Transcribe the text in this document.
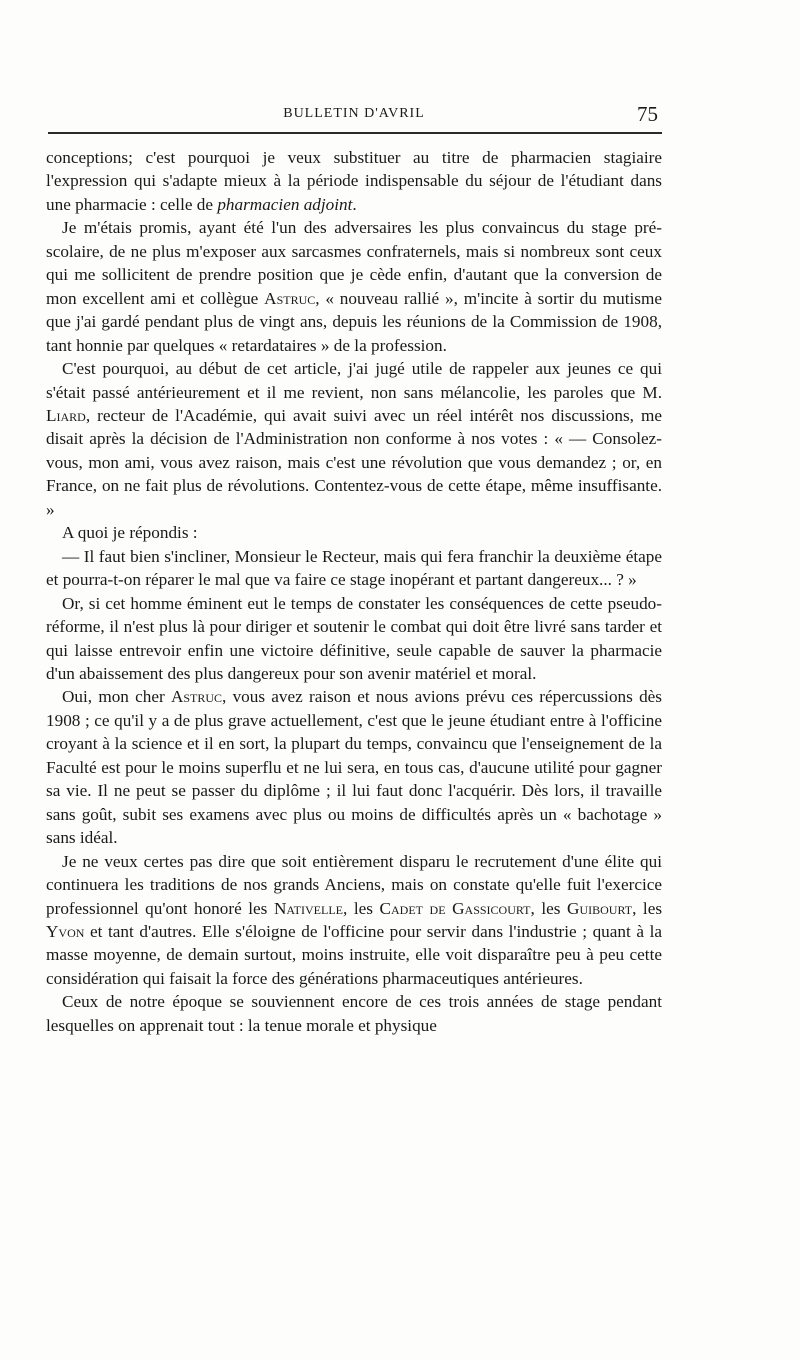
BULLETIN D'AVRIL	75

conceptions; c'est pourquoi je veux substituer au titre de pharmacien stagiaire l'expression qui s'adapte mieux à la période indispensable du séjour de l'étudiant dans une pharmacie : celle de pharmacien adjoint.

Je m'étais promis, ayant été l'un des adversaires les plus convaincus du stage pré-scolaire, de ne plus m'exposer aux sarcasmes confraternels, mais si nombreux sont ceux qui me sollicitent de prendre position que je cède enfin, d'autant que la conversion de mon excellent ami et collègue Astruc, « nouveau rallié », m'incite à sortir du mutisme que j'ai gardé pendant plus de vingt ans, depuis les réunions de la Commission de 1908, tant honnie par quelques « retardataires » de la profession.

C'est pourquoi, au début de cet article, j'ai jugé utile de rappeler aux jeunes ce qui s'était passé antérieurement et il me revient, non sans mélancolie, les paroles que M. Liard, recteur de l'Académie, qui avait suivi avec un réel intérêt nos discussions, me disait après la décision de l'Administration non conforme à nos votes : « — Consolez-vous, mon ami, vous avez raison, mais c'est une révolution que vous demandez ; or, en France, on ne fait plus de révolutions. Contentez-vous de cette étape, même insuffisante. »

A quoi je répondis :

— Il faut bien s'incliner, Monsieur le Recteur, mais qui fera franchir la deuxième étape et pourra-t-on réparer le mal que va faire ce stage inopérant et partant dangereux... ? »

Or, si cet homme éminent eut le temps de constater les conséquences de cette pseudo-réforme, il n'est plus là pour diriger et soutenir le combat qui doit être livré sans tarder et qui laisse entrevoir enfin une victoire définitive, seule capable de sauver la pharmacie d'un abaissement des plus dangereux pour son avenir matériel et moral.

Oui, mon cher Astruc, vous avez raison et nous avions prévu ces répercussions dès 1908 ; ce qu'il y a de plus grave actuellement, c'est que le jeune étudiant entre à l'officine croyant à la science et il en sort, la plupart du temps, convaincu que l'enseignement de la Faculté est pour le moins superflu et ne lui sera, en tous cas, d'aucune utilité pour gagner sa vie. Il ne peut se passer du diplôme ; il lui faut donc l'acquérir. Dès lors, il travaille sans goût, subit ses examens avec plus ou moins de difficultés après un « bachotage » sans idéal.

Je ne veux certes pas dire que soit entièrement disparu le recrutement d'une élite qui continuera les traditions de nos grands Anciens, mais on constate qu'elle fuit l'exercice professionnel qu'ont honoré les Nativelle, les Cadet de Gassicourt, les Guibourt, les Yvon et tant d'autres. Elle s'éloigne de l'officine pour servir dans l'industrie ; quant à la masse moyenne, de demain surtout, moins instruite, elle voit disparaître peu à peu cette considération qui faisait la force des générations pharmaceutiques antérieures.

Ceux de notre époque se souviennent encore de ces trois années de stage pendant lesquelles on apprenait tout : la tenue morale et physique
